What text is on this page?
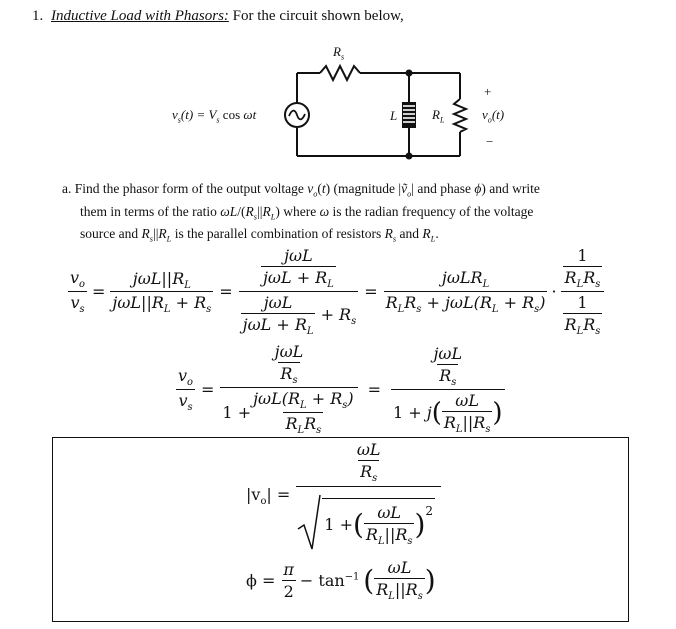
1. Inductive Load with Phasors: For the circuit shown below,
$v_s(t) = V_s$ cos ωt
$R_s$
L	$R_L$
+
$v_o(t)$
−
a. Find the phasor form of the output voltage $v_o(t)$ (magnitude |ṽ$_o$| and phase ϕ) and write
them in terms of the ratio $\omega L/(R_s||R_L)$ where ω is the radian frequency of the voltage
source and $R_s||R_L$ is the parallel combination of resistors $R_s$ and $R_L$.
$\frac{v_o}{v_s} = \frac{j\omega L||R_L}{j\omega L||R_L + R_s} = \frac{\frac{\text{jωL}}{j\omega L + R_L}}{\frac{\text{jωL}}{j\omega L + R_L} + R_s} = \frac{j\omega LR_L}{R_LR_s + j\omega L(R_L + R_s)} \cdot \frac{\frac{1}{R_LR_s}}{\frac{1}{R_LR_s}}$
$\frac{v_o}{v_s} = \frac{\frac{\text{jωL}}{R_s}}{1 + \frac{j\omega L(R_L + R_s)}{R_LR_s}} = \frac{\frac{\text{jωL}}{R_s}}{1 + j ( \frac{\omega L}{R_L||R_s} )}$
$|v_o| = \frac{\frac{\omega L}{R_s}}{1 + ( \frac{\omega L}{R_L||R_s} )^2}$
$\phi = \frac{\pi}{2} - \tan^{-1}$ ( $\frac{\omega L}{R_L||R_s}$ )
